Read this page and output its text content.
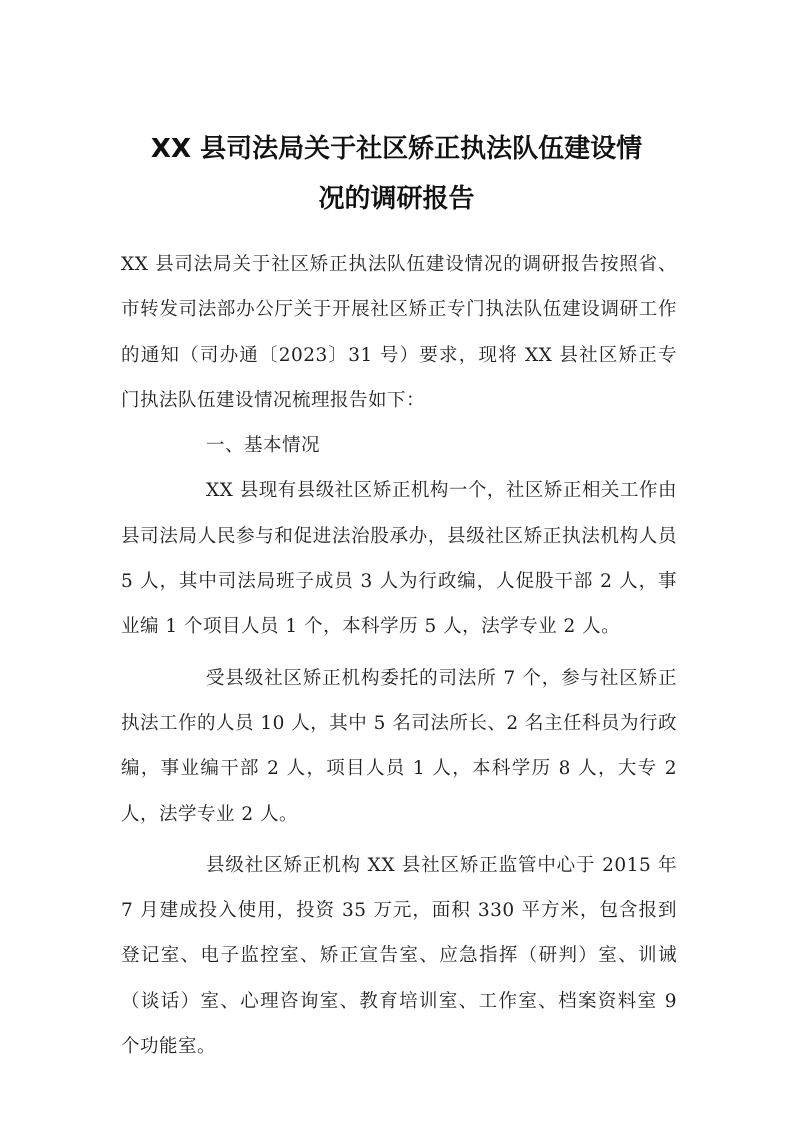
XX 县司法局关于社区矫正执法队伍建设情
况的调研报告

XX 县司法局关于社区矫正执法队伍建设情况的调研报告按照省、市转发司法部办公厅关于开展社区矫正专门执法队伍建设调研工作的通知（司办通〔2023〕31 号）要求，现将 XX 县社区矫正专门执法队伍建设情况梳理报告如下：

一、基本情况

XX 县现有县级社区矫正机构一个，社区矫正相关工作由县司法局人民参与和促进法治股承办，县级社区矫正执法机构人员 5 人，其中司法局班子成员 3 人为行政编，人促股干部 2 人，事业编 1 个项目人员 1 个，本科学历 5 人，法学专业 2 人。

受县级社区矫正机构委托的司法所 7 个，参与社区矫正执法工作的人员 10 人，其中 5 名司法所长、2 名主任科员为行政编，事业编干部 2 人，项目人员 1 人，本科学历 8 人，大专 2 人，法学专业 2 人。

县级社区矫正机构 XX 县社区矫正监管中心于 2015 年 7 月建成投入使用，投资 35 万元，面积 330 平方米，包含报到登记室、电子监控室、矫正宣告室、应急指挥（研判）室、训诫（谈话）室、心理咨询室、教育培训室、工作室、档案资料室 9 个功能室。
